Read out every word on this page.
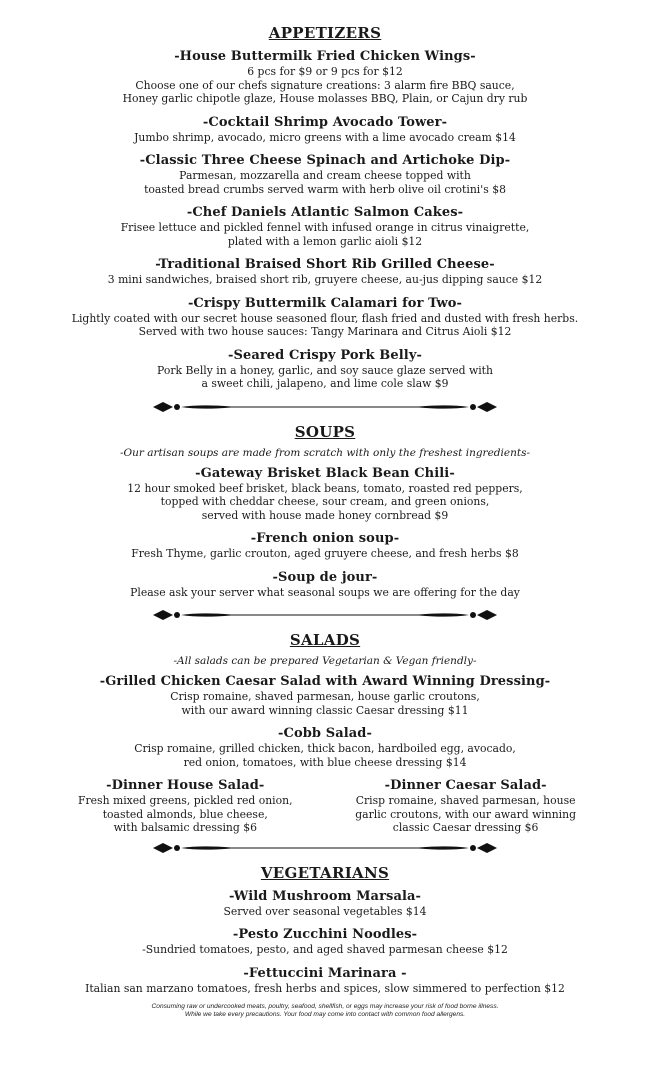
APPETIZERS
-House Buttermilk Fried Chicken Wings-
6 pcs for $9 or 9 pcs for $12
Choose one of our chefs signature creations: 3 alarm fire BBQ sauce,
Honey garlic chipotle glaze, House molasses BBQ, Plain, or Cajun dry rub
-Cocktail Shrimp Avocado Tower-
Jumbo shrimp, avocado, micro greens with a lime avocado cream $14
-Classic Three Cheese Spinach and Artichoke Dip-
Parmesan, mozzarella and cream cheese topped with
toasted bread crumbs served warm with herb olive oil crotini's $8
-Chef Daniels Atlantic Salmon Cakes-
Frisee lettuce and pickled fennel with infused orange in citrus vinaigrette,
plated with a lemon garlic aioli $12
-Traditional Braised Short Rib Grilled Cheese-
3 mini sandwiches, braised short rib, gruyere cheese, au-jus dipping sauce $12
-Crispy Buttermilk Calamari for Two-
Lightly coated with our secret house seasoned flour, flash fried and dusted with fresh herbs.
Served with two house sauces: Tangy Marinara and Citrus Aioli $12
-Seared Crispy Pork Belly-
Pork Belly in a honey, garlic, and soy sauce glaze served with
a sweet chili, jalapeno, and lime cole slaw $9
SOUPS
-Our artisan soups are made from scratch with only the freshest ingredients-
-Gateway Brisket Black Bean Chili-
12 hour smoked beef brisket, black beans, tomato, roasted red peppers,
topped with cheddar cheese, sour cream, and green onions,
served with house made honey cornbread $9
-French onion soup-
Fresh Thyme, garlic crouton, aged gruyere cheese, and fresh herbs $8
-Soup de jour-
Please ask your server what seasonal soups we are offering for the day
SALADS
-All salads can be prepared Vegetarian & Vegan friendly-
-Grilled Chicken Caesar Salad with Award Winning Dressing-
Crisp romaine, shaved parmesan, house garlic croutons,
with our award winning classic Caesar dressing $11
-Cobb Salad-
Crisp romaine, grilled chicken, thick bacon, hardboiled egg, avocado,
red onion, tomatoes, with blue cheese dressing $14
-Dinner House Salad-
Fresh mixed greens, pickled red onion,
toasted almonds, blue cheese,
with balsamic dressing $6
-Dinner Caesar Salad-
Crisp romaine, shaved parmesan, house
garlic croutons, with our award winning
classic Caesar dressing $6
VEGETARIANS
-Wild Mushroom Marsala-
Served over seasonal vegetables $14
-Pesto Zucchini Noodles-
-Sundried tomatoes, pesto, and aged shaved parmesan cheese $12
-Fettuccini Marinara -
Italian san marzano tomatoes, fresh herbs and spices, slow simmered to perfection $12
Consuming raw or undercooked meats, poultry, seafood, shellfish, or eggs may increase your risk of food borne illness.
While we take every precautions. Your food may come into contact with common food allergens.
